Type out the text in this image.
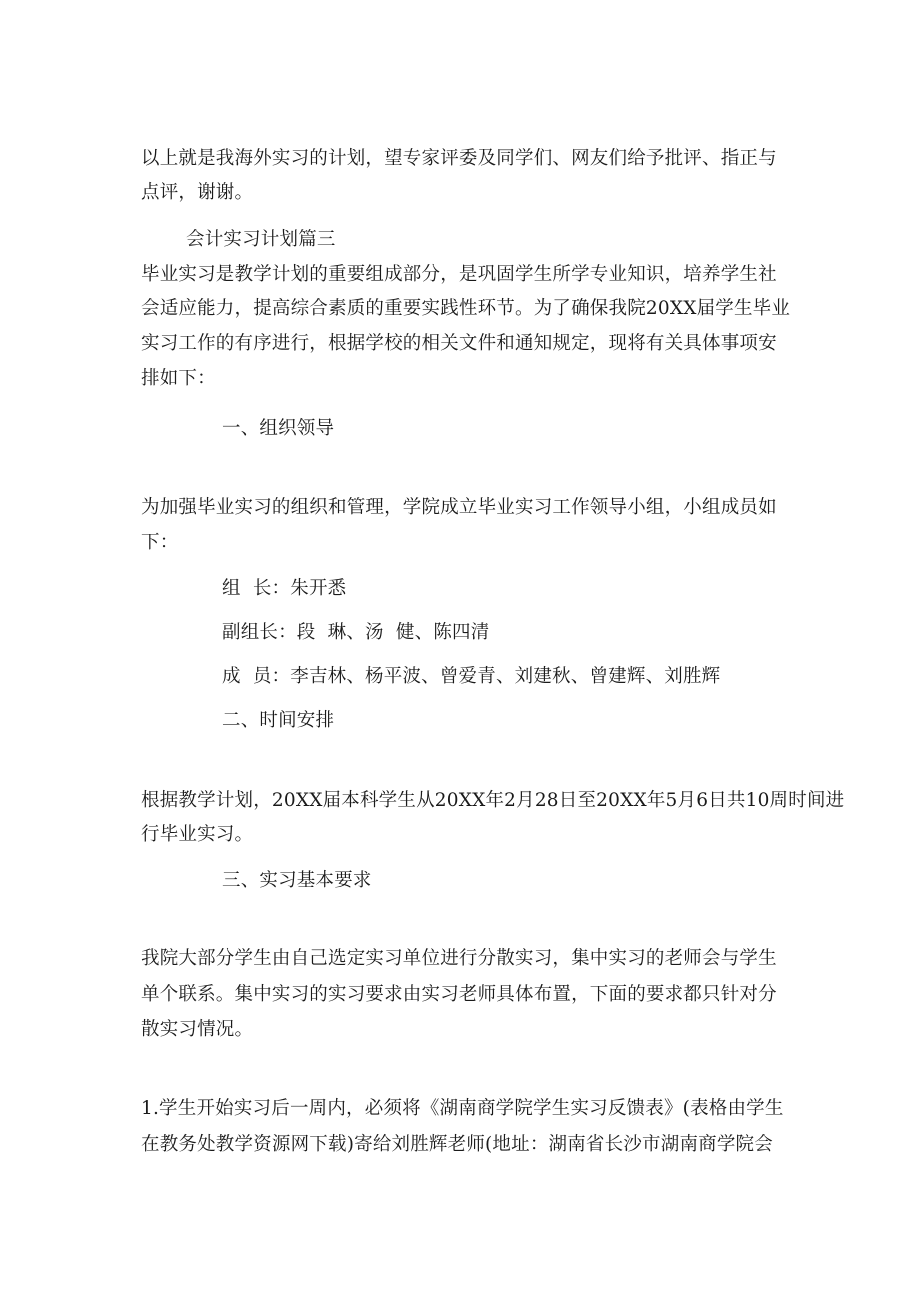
以上就是我海外实习的计划，望专家评委及同学们、网友们给予批评、指正与
点评，谢谢。
会计实习计划篇三
毕业实习是教学计划的重要组成部分，是巩固学生所学专业知识，培养学生社
会适应能力，提高综合素质的重要实践性环节。为了确保我院20XX届学生毕业
实习工作的有序进行，根据学校的相关文件和通知规定，现将有关具体事项安
排如下：
一、组织领导
为加强毕业实习的组织和管理，学院成立毕业实习工作领导小组，小组成员如
下：
组  长：朱开悉
副组长：段  琳、汤  健、陈四清
成  员：李吉林、杨平波、曾爱青、刘建秋、曾建辉、刘胜辉
二、时间安排
根据教学计划，20XX届本科学生从20XX年2月28日至20XX年5月6日共10周时间进
行毕业实习。
三、实习基本要求
我院大部分学生由自己选定实习单位进行分散实习，集中实习的老师会与学生
单个联系。集中实习的实习要求由实习老师具体布置，下面的要求都只针对分
散实习情况。
1.学生开始实习后一周内，必须将《湖南商学院学生实习反馈表》(表格由学生
在教务处教学资源网下载)寄给刘胜辉老师(地址：湖南省长沙市湖南商学院会
